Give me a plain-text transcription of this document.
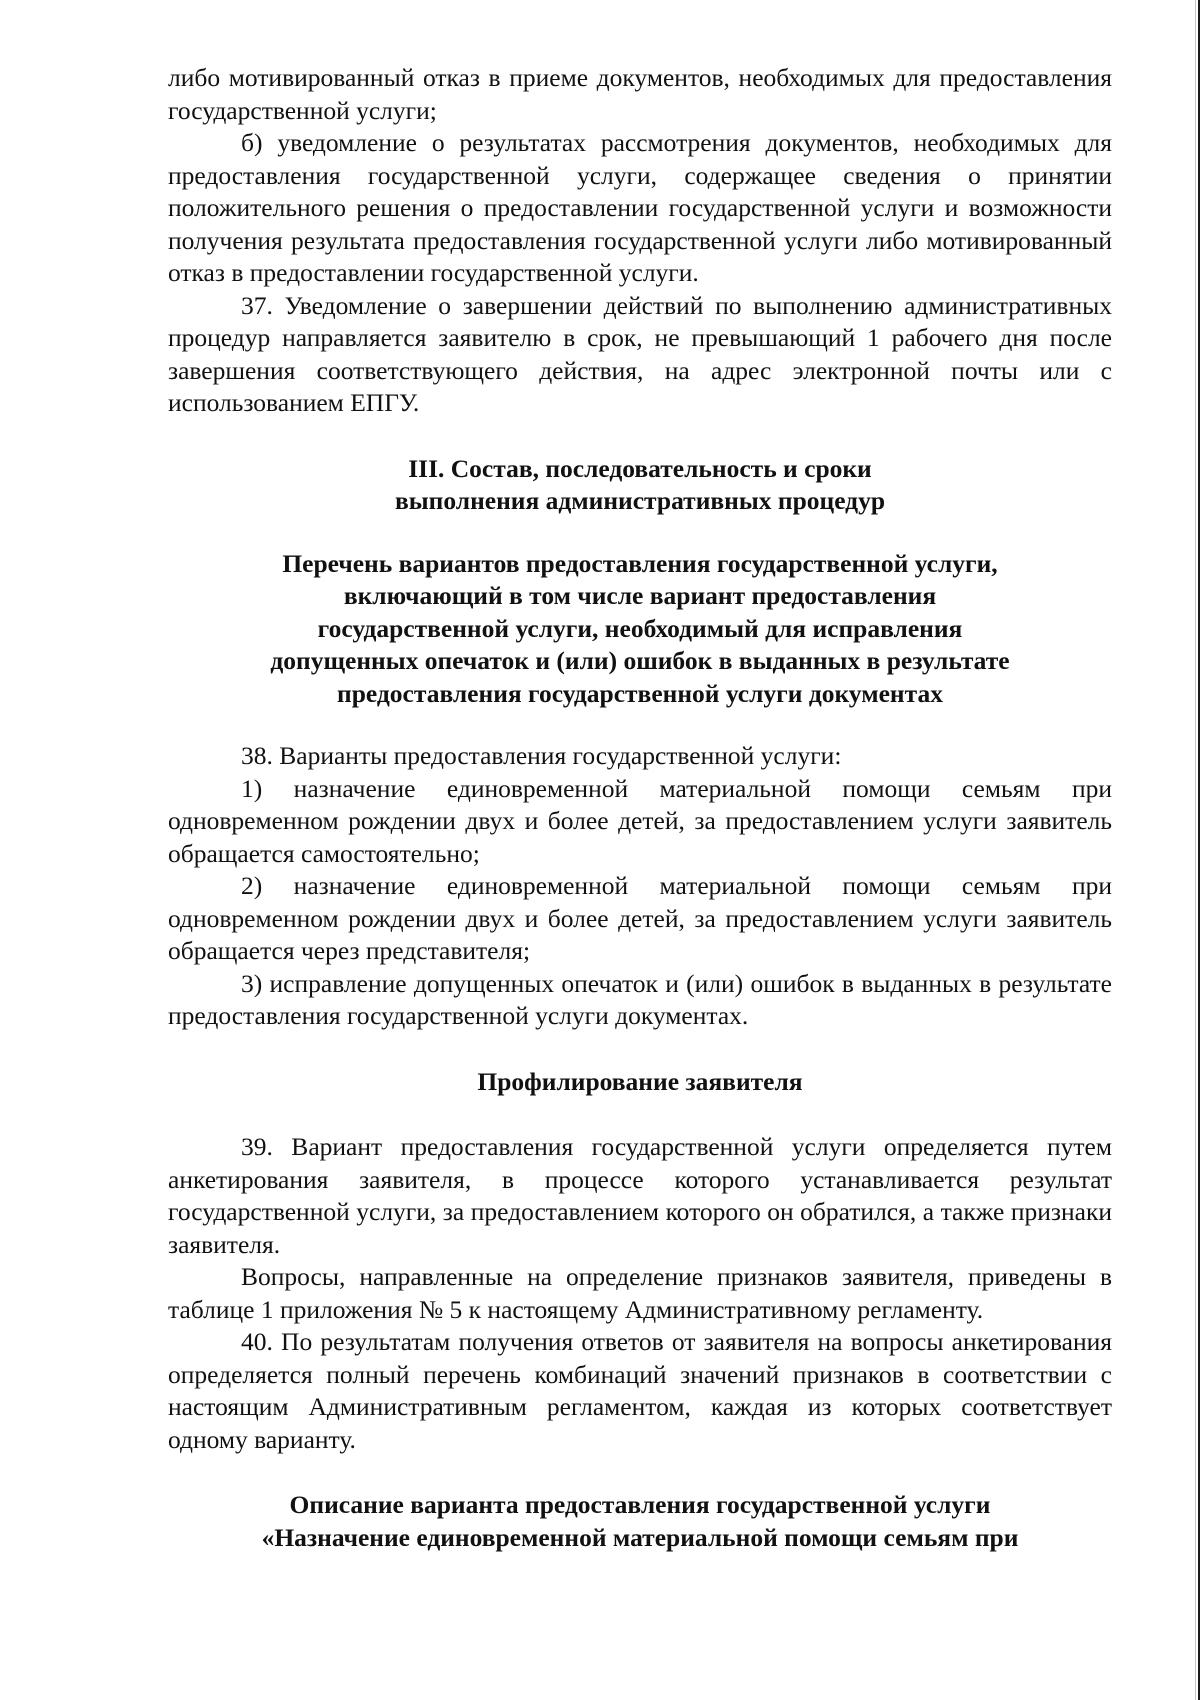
либо мотивированный отказ в приеме документов, необходимых для предоставления государственной услуги;

б) уведомление о результатах рассмотрения документов, необходимых для предоставления государственной услуги, содержащее сведения о принятии положительного решения о предоставлении государственной услуги и возможности получения результата предоставления государственной услуги либо мотивированный отказ в предоставлении государственной услуги.

37. Уведомление о завершении действий по выполнению административных процедур направляется заявителю в срок, не превышающий 1 рабочего дня после завершения соответствующего действия, на адрес электронной почты или с использованием ЕПГУ.

III. Состав, последовательность и сроки
выполнения административных процедур
Перечень вариантов предоставления государственной услуги,
включающий в том числе вариант предоставления
государственной услуги, необходимый для исправления
допущенных опечаток и (или) ошибок в выданных в результате
предоставления государственной услуги документах

38. Варианты предоставления государственной услуги:

1) назначение единовременной материальной помощи семьям при одновременном рождении двух и более детей, за предоставлением услуги заявитель обращается самостоятельно;

2) назначение единовременной материальной помощи семьям при одновременном рождении двух и более детей, за предоставлением услуги заявитель обращается через представителя;

3) исправление допущенных опечаток и (или) ошибок в выданных в результате предоставления государственной услуги документах.

Профилирование заявителя

39. Вариант предоставления государственной услуги определяется путем анкетирования заявителя, в процессе которого устанавливается результат государственной услуги, за предоставлением которого он обратился, а также признаки заявителя.

Вопросы, направленные на определение признаков заявителя, приведены в таблице 1 приложения № 5 к настоящему Административному регламенту.

40. По результатам получения ответов от заявителя на вопросы анкетирования определяется полный перечень комбинаций значений признаков в соответствии с настоящим Административным регламентом, каждая из которых соответствует одному варианту.

Описание варианта предоставления государственной услуги
«Назначение единовременной материальной помощи семьям при
